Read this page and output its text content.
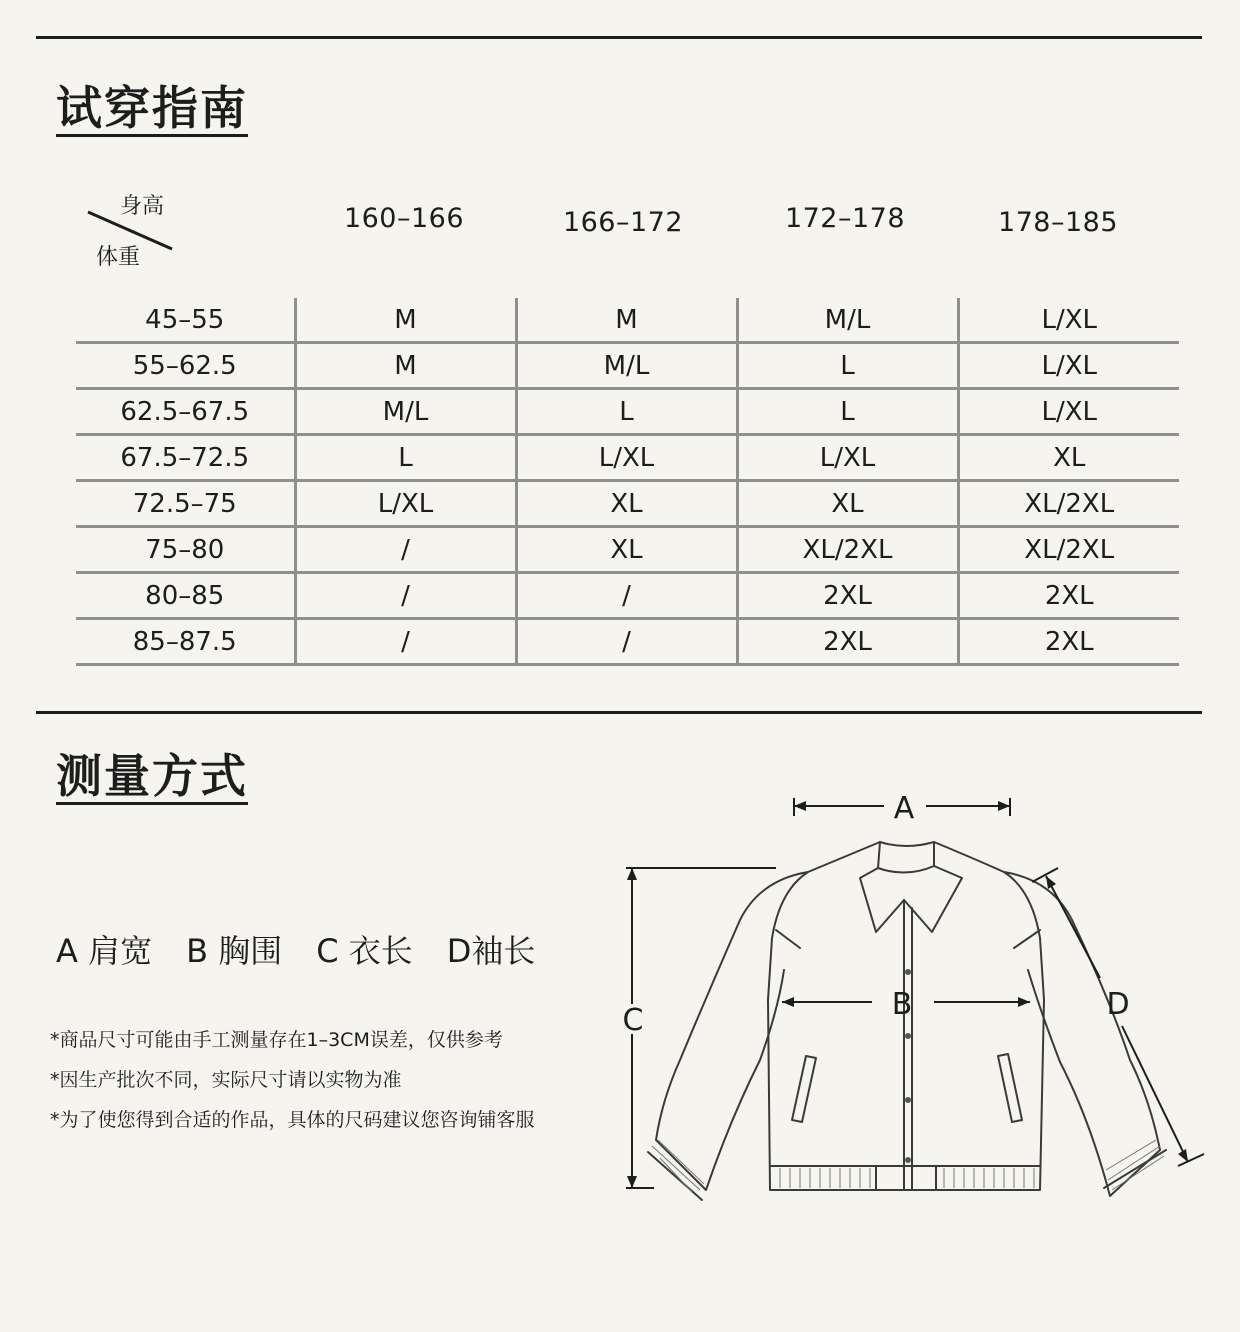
试穿指南
身高
体重
160–166	166–172	172–178	178–185
45–55	M	M	M/L	L/XL
55–62.5	M	M/L	L	L/XL
62.5–67.5	M/L	L	L	L/XL
67.5–72.5	L	L/XL	L/XL	XL
72.5–75	L/XL	XL	XL	XL/2XL
75–80	/	XL	XL/2XL	XL/2XL
80–85	/	/	2XL	2XL
85–87.5	/	/	2XL	2XL
测量方式
A 肩宽 B 胸围 C 衣长 D袖长

*商品尺寸可能由手工测量存在1–3CM误差，仅供参考

*因生产批次不同，实际尺寸请以实物为准

*为了使您得到合适的作品，具体的尺码建议您咨询铺客服

A
B
C	D
